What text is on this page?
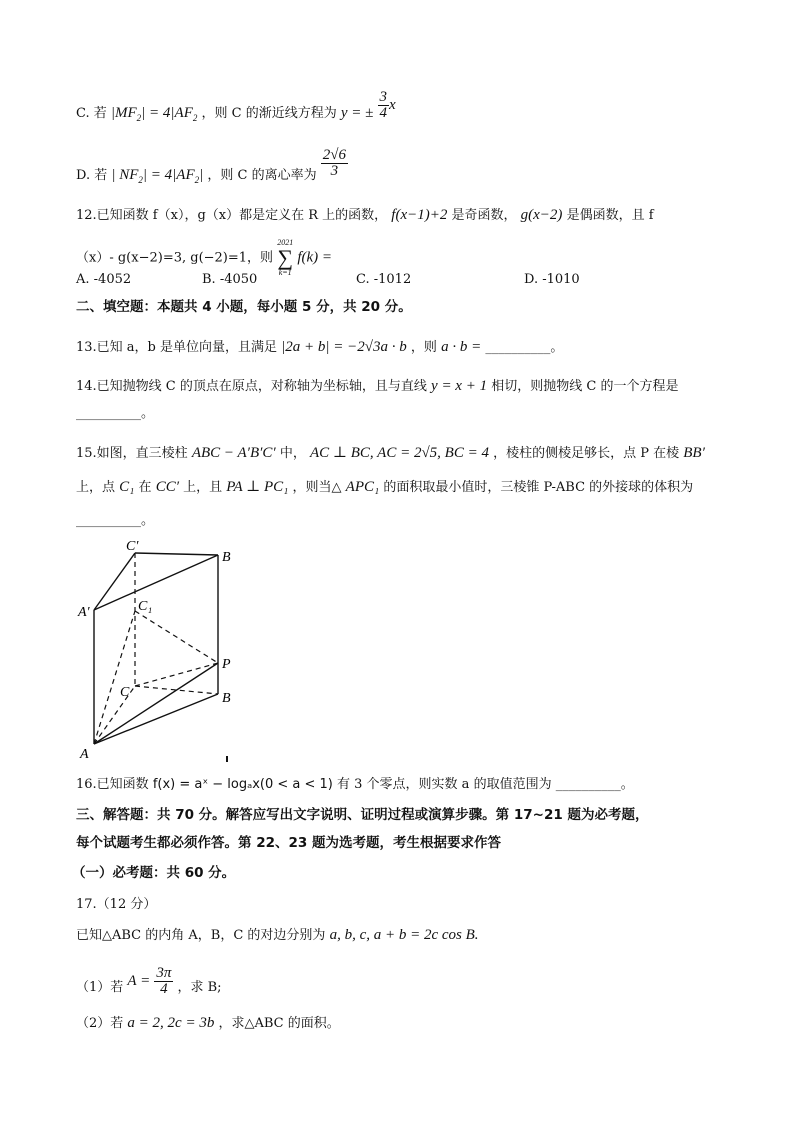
C. 若 $|MF_2| = 4|AF_2$ ，则 C 的渐近线方程为 y = ± $\frac{3}{4}$ x
D. 若 | $NF_2| = 4|AF_2|$ ，则 C 的离心率为 $\frac{2√6}{3}$
12.已知函数 f（x），g（x）都是定义在 R 上的函数， f(x−1)+2 是奇函数， g(x−2) 是偶函数，且 f
（x）- g(x−2)=3, g(−2)=1，则
2021
∑
k=1
f(k) =
A. -4052	B. -4050	C. -1012	D. -1010
二、填空题：本题共 4 小题，每小题 5 分，共 20 分。
13.已知 a，b 是单位向量，且满足 |2a + b| = −2√3a · b ，则 a · b = __________。
14.已知抛物线 C 的顶点在原点，对称轴为坐标轴，且与直线 y = x + 1 相切，则抛物线 C 的一个方程是
__________。
15.如图，直三棱柱 ABC − A′B′C′ 中， AC ⊥ BC, AC = 2√5, BC = 4 ，棱柱的侧棱足够长，点 P 在棱 BB′
上，点 C₁ 在 CC′ 上，且 PA ⊥ PC₁ ，则当△ APC₁ 的面积取最小值时，三棱锥 P-ABC 的外接球的体积为
__________。
C′
B
A′	C₁
P
C	B
A
16.已知函数 f(x) = aˣ − logₐx(0 < a < 1) 有 3 个零点，则实数 a 的取值范围为 __________。
三、解答题：共 70 分。解答应写出文字说明、证明过程或演算步骤。第 17~21 题为必考题，
每个试题考生都必须作答。第 22、23 题为选考题，考生根据要求作答
（一）必考题：共 60 分。
17.（12 分）
已知△ABC 的内角 A，B，C 的对边分别为 a, b, c, a + b = 2c cos B.
（1）若 $A = \frac{3\pi}{4}$ ，求 B;
（2）若 a = 2, 2c = 3b ，求△ABC 的面积。
